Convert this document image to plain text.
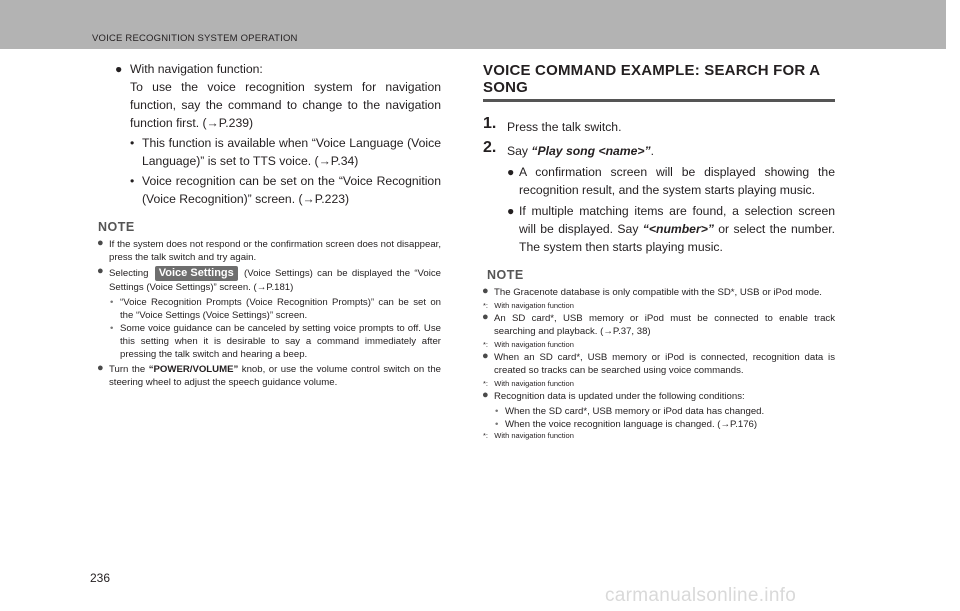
VOICE RECOGNITION SYSTEM OPERATION
● With navigation function:
To use the voice recognition system for navigation function, say the command to change to the navigation function first. (→P.239)
• This function is available when “Voice Language (Voice Language)” is set to TTS voice. (→P.34)
• Voice recognition can be set on the “Voice Recognition (Voice Recognition)” screen. (→P.223)
NOTE
● If the system does not respond or the confirmation screen does not disappear, press the talk switch and try again.
● Selecting Voice Settings (Voice Settings) can be displayed the “Voice Settings (Voice Settings)” screen. (→P.181)
• “Voice Recognition Prompts (Voice Recognition Prompts)” can be set on the “Voice Settings (Voice Settings)” screen.
• Some voice guidance can be canceled by setting voice prompts to off. Use this setting when it is desirable to say a command immediately after pressing the talk switch and hearing a beep.
● Turn the “POWER/VOLUME” knob, or use the volume control switch on the steering wheel to adjust the speech guidance volume.
VOICE COMMAND EXAMPLE: SEARCH FOR A SONG
1. Press the talk switch.
2. Say “Play song <name>”.
● A confirmation screen will be displayed showing the recognition result, and the system starts playing music.
● If multiple matching items are found, a selection screen will be displayed. Say “<number>” or select the number. The system then starts playing music.
NOTE
● The Gracenote database is only compatible with the SD*, USB or iPod mode.
*:   With navigation function
● An SD card*, USB memory or iPod must be connected to enable track searching and playback. (→P.37, 38)
*:   With navigation function
● When an SD card*, USB memory or iPod is connected, recognition data is created so tracks can be searched using voice commands.
*:   With navigation function
● Recognition data is updated under the following conditions:
• When the SD card*, USB memory or iPod data has changed.
• When the voice recognition language is changed. (→P.176)
*:   With navigation function
236
carmanualsonline.info
